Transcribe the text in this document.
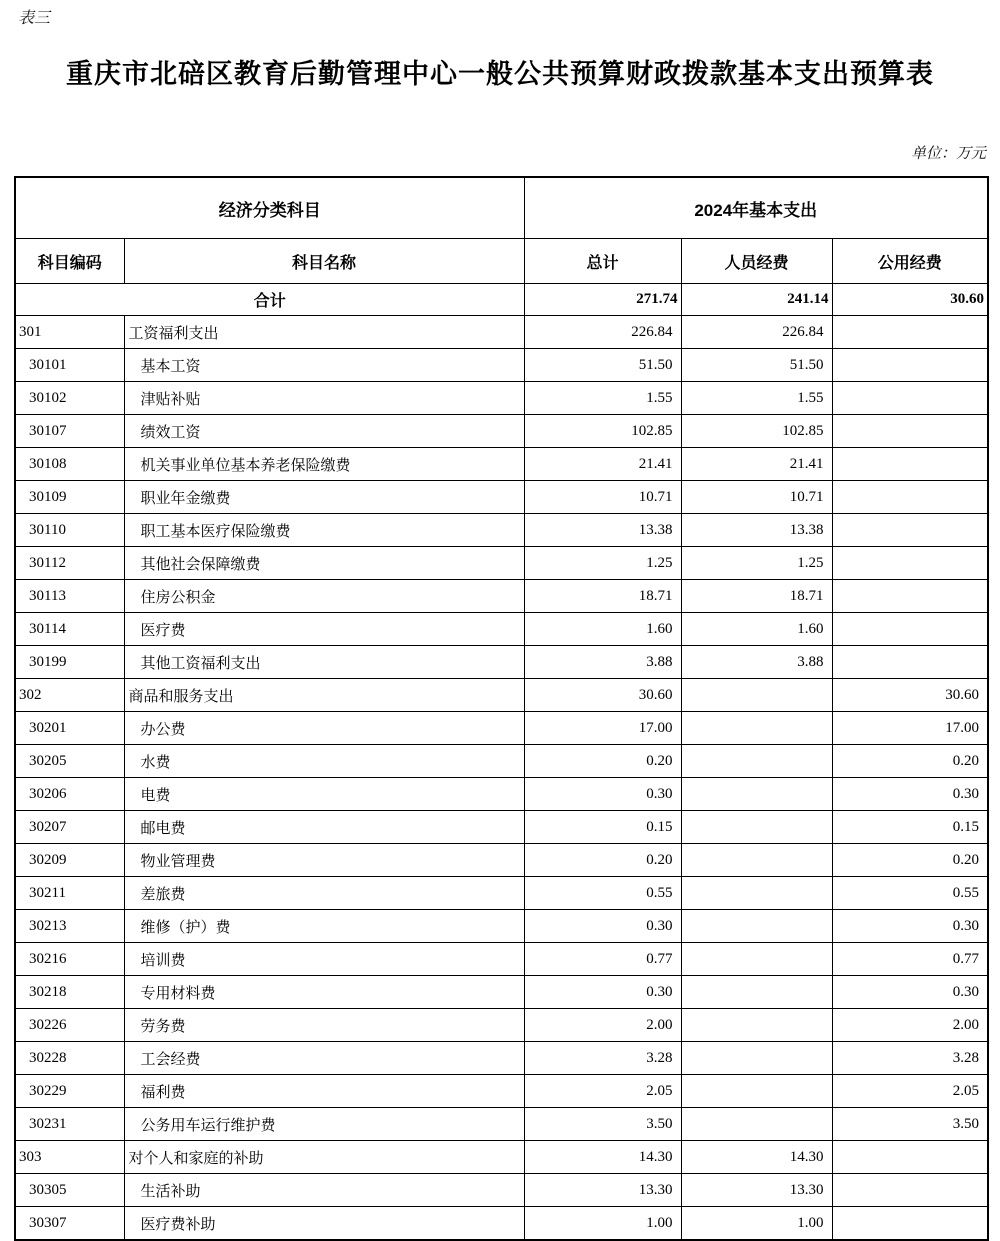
表三
重庆市北碚区教育后勤管理中心一般公共预算财政拨款基本支出预算表
单位：万元
经济分类科目		2024年基本支出		
科目编码	科目名称	总计	人员经费	公用经费
合计		271.74	241.14	30.60
301	工资福利支出	226.84	226.84	
30101	基本工资	51.50	51.50	
30102	津贴补贴	1.55	1.55	
30107	绩效工资	102.85	102.85	
30108	机关事业单位基本养老保险缴费	21.41	21.41	
30109	职业年金缴费	10.71	10.71	
30110	职工基本医疗保险缴费	13.38	13.38	
30112	其他社会保障缴费	1.25	1.25	
30113	住房公积金	18.71	18.71	
30114	医疗费	1.60	1.60	
30199	其他工资福利支出	3.88	3.88	
302	商品和服务支出	30.60		30.60
30201	办公费	17.00		17.00
30205	水费	0.20		0.20
30206	电费	0.30		0.30
30207	邮电费	0.15		0.15
30209	物业管理费	0.20		0.20
30211	差旅费	0.55		0.55
30213	维修（护）费	0.30		0.30
30216	培训费	0.77		0.77
30218	专用材料费	0.30		0.30
30226	劳务费	2.00		2.00
30228	工会经费	3.28		3.28
30229	福利费	2.05		2.05
30231	公务用车运行维护费	3.50		3.50
303	对个人和家庭的补助	14.30	14.30	
30305	生活补助	13.30	13.30	
30307	医疗费补助	1.00	1.00	
